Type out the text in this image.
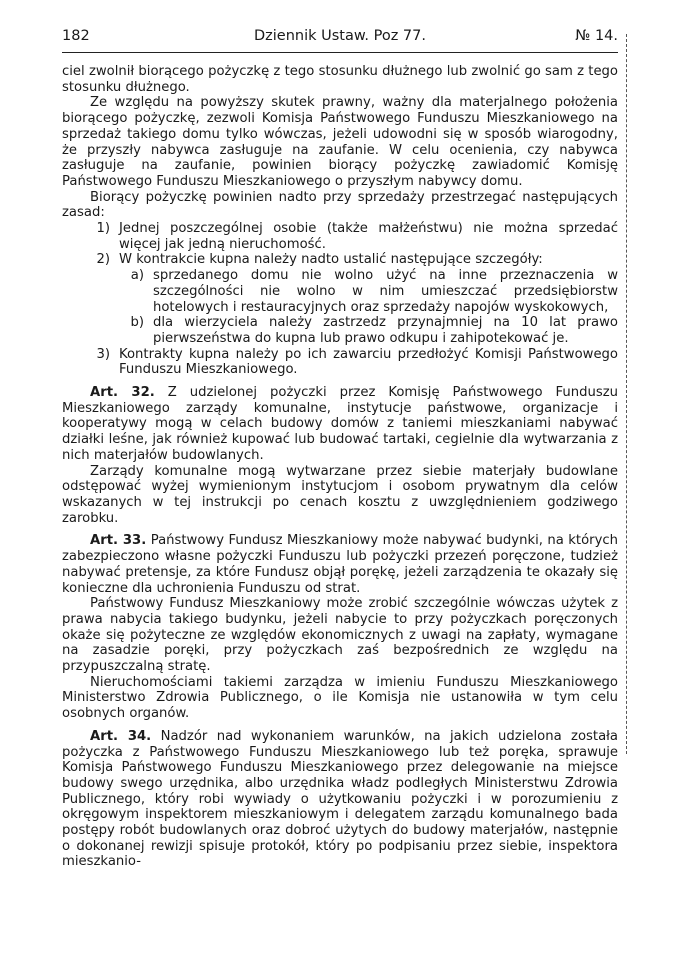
182	Dziennik Ustaw. Poz 77.	№ 14.

ciel zwolnił biorącego pożyczkę z tego stosunku dłużnego lub zwolnić go sam z tego stosunku dłużnego.

Ze względu na powyższy skutek prawny, ważny dla materjalnego położenia biorącego pożyczkę, zezwoli Komisja Państwowego Funduszu Mieszkaniowego na sprzedaż takiego domu tylko wówczas, jeżeli udowodni się w sposób wiarogodny, że przyszły nabywca zasługuje na zaufanie. W celu ocenienia, czy nabywca zasługuje na zaufanie, powinien biorący pożyczkę zawiadomić Komisję Państwowego Funduszu Mieszkaniowego o przyszłym nabywcy domu.

Biorący pożyczkę powinien nadto przy sprzedaży przestrzegać następujących zasad:

1) Jednej poszczególnej osobie (także małżeństwu) nie można sprzedać więcej jak jedną nieruchomość.
2) W kontrakcie kupna należy nadto ustalić następujące szczegóły:
a) sprzedanego domu nie wolno użyć na inne przeznaczenia w szczególności nie wolno w nim umieszczać przedsiębiorstw hotelowych i restauracyjnych oraz sprzedaży napojów wyskokowych,
b) dla wierzyciela należy zastrzedz przynajmniej na 10 lat prawo pierwszeństwa do kupna lub prawo odkupu i zahipotekować je.
3) Kontrakty kupna należy po ich zawarciu przedłożyć Komisji Państwowego Funduszu Mieszkaniowego.

Art. 32. Z udzielonej pożyczki przez Komisję Państwowego Funduszu Mieszkaniowego zarządy komunalne, instytucje państwowe, organizacje i kooperatywy mogą w celach budowy domów z taniemi mieszkaniami nabywać działki leśne, jak również kupować lub budować tartaki, cegielnie dla wytwarzania z nich materjałów budowlanych.

Zarządy komunalne mogą wytwarzane przez siebie materjały budowlane odstępować wyżej wymienionym instytucjom i osobom prywatnym dla celów wskazanych w tej instrukcji po cenach kosztu z uwzględnieniem godziwego zarobku.

Art. 33. Państwowy Fundusz Mieszkaniowy może nabywać budynki, na których zabezpieczono własne pożyczki Funduszu lub pożyczki przezeń poręczone, tudzież nabywać pretensje, za które Fundusz objął porękę, jeżeli zarządzenia te okazały się konieczne dla uchronienia Funduszu od strat.

Państwowy Fundusz Mieszkaniowy może zrobić szczególnie wówczas użytek z prawa nabycia takiego budynku, jeżeli nabycie to przy pożyczkach poręczonych okaże się pożyteczne ze względów ekonomicznych z uwagi na zapłaty, wymagane na zasadzie poręki, przy pożyczkach zaś bezpośrednich ze względu na przypuszczalną stratę.

Nieruchomościami takiemi zarządza w imieniu Funduszu Mieszkaniowego Ministerstwo Zdrowia Publicznego, o ile Komisja nie ustanowiła w tym celu osobnych organów.

Art. 34. Nadzór nad wykonaniem warunków, na jakich udzielona została pożyczka z Państwowego Funduszu Mieszkaniowego lub też poręka, sprawuje Komisja Państwowego Funduszu Mieszkaniowego przez delegowanie na miejsce budowy swego urzędnika, albo urzędnika władz podległych Ministerstwu Zdrowia Publicznego, który robi wywiady o użytkowaniu pożyczki i w porozumieniu z okręgowym inspektorem mieszkaniowym i delegatem zarządu komunalnego bada postępy robót budowlanych oraz dobroć użytych do budowy materjałów, następnie o dokonanej rewizji spisuje protokół, który po podpisaniu przez siebie, inspektora mieszkanio-
